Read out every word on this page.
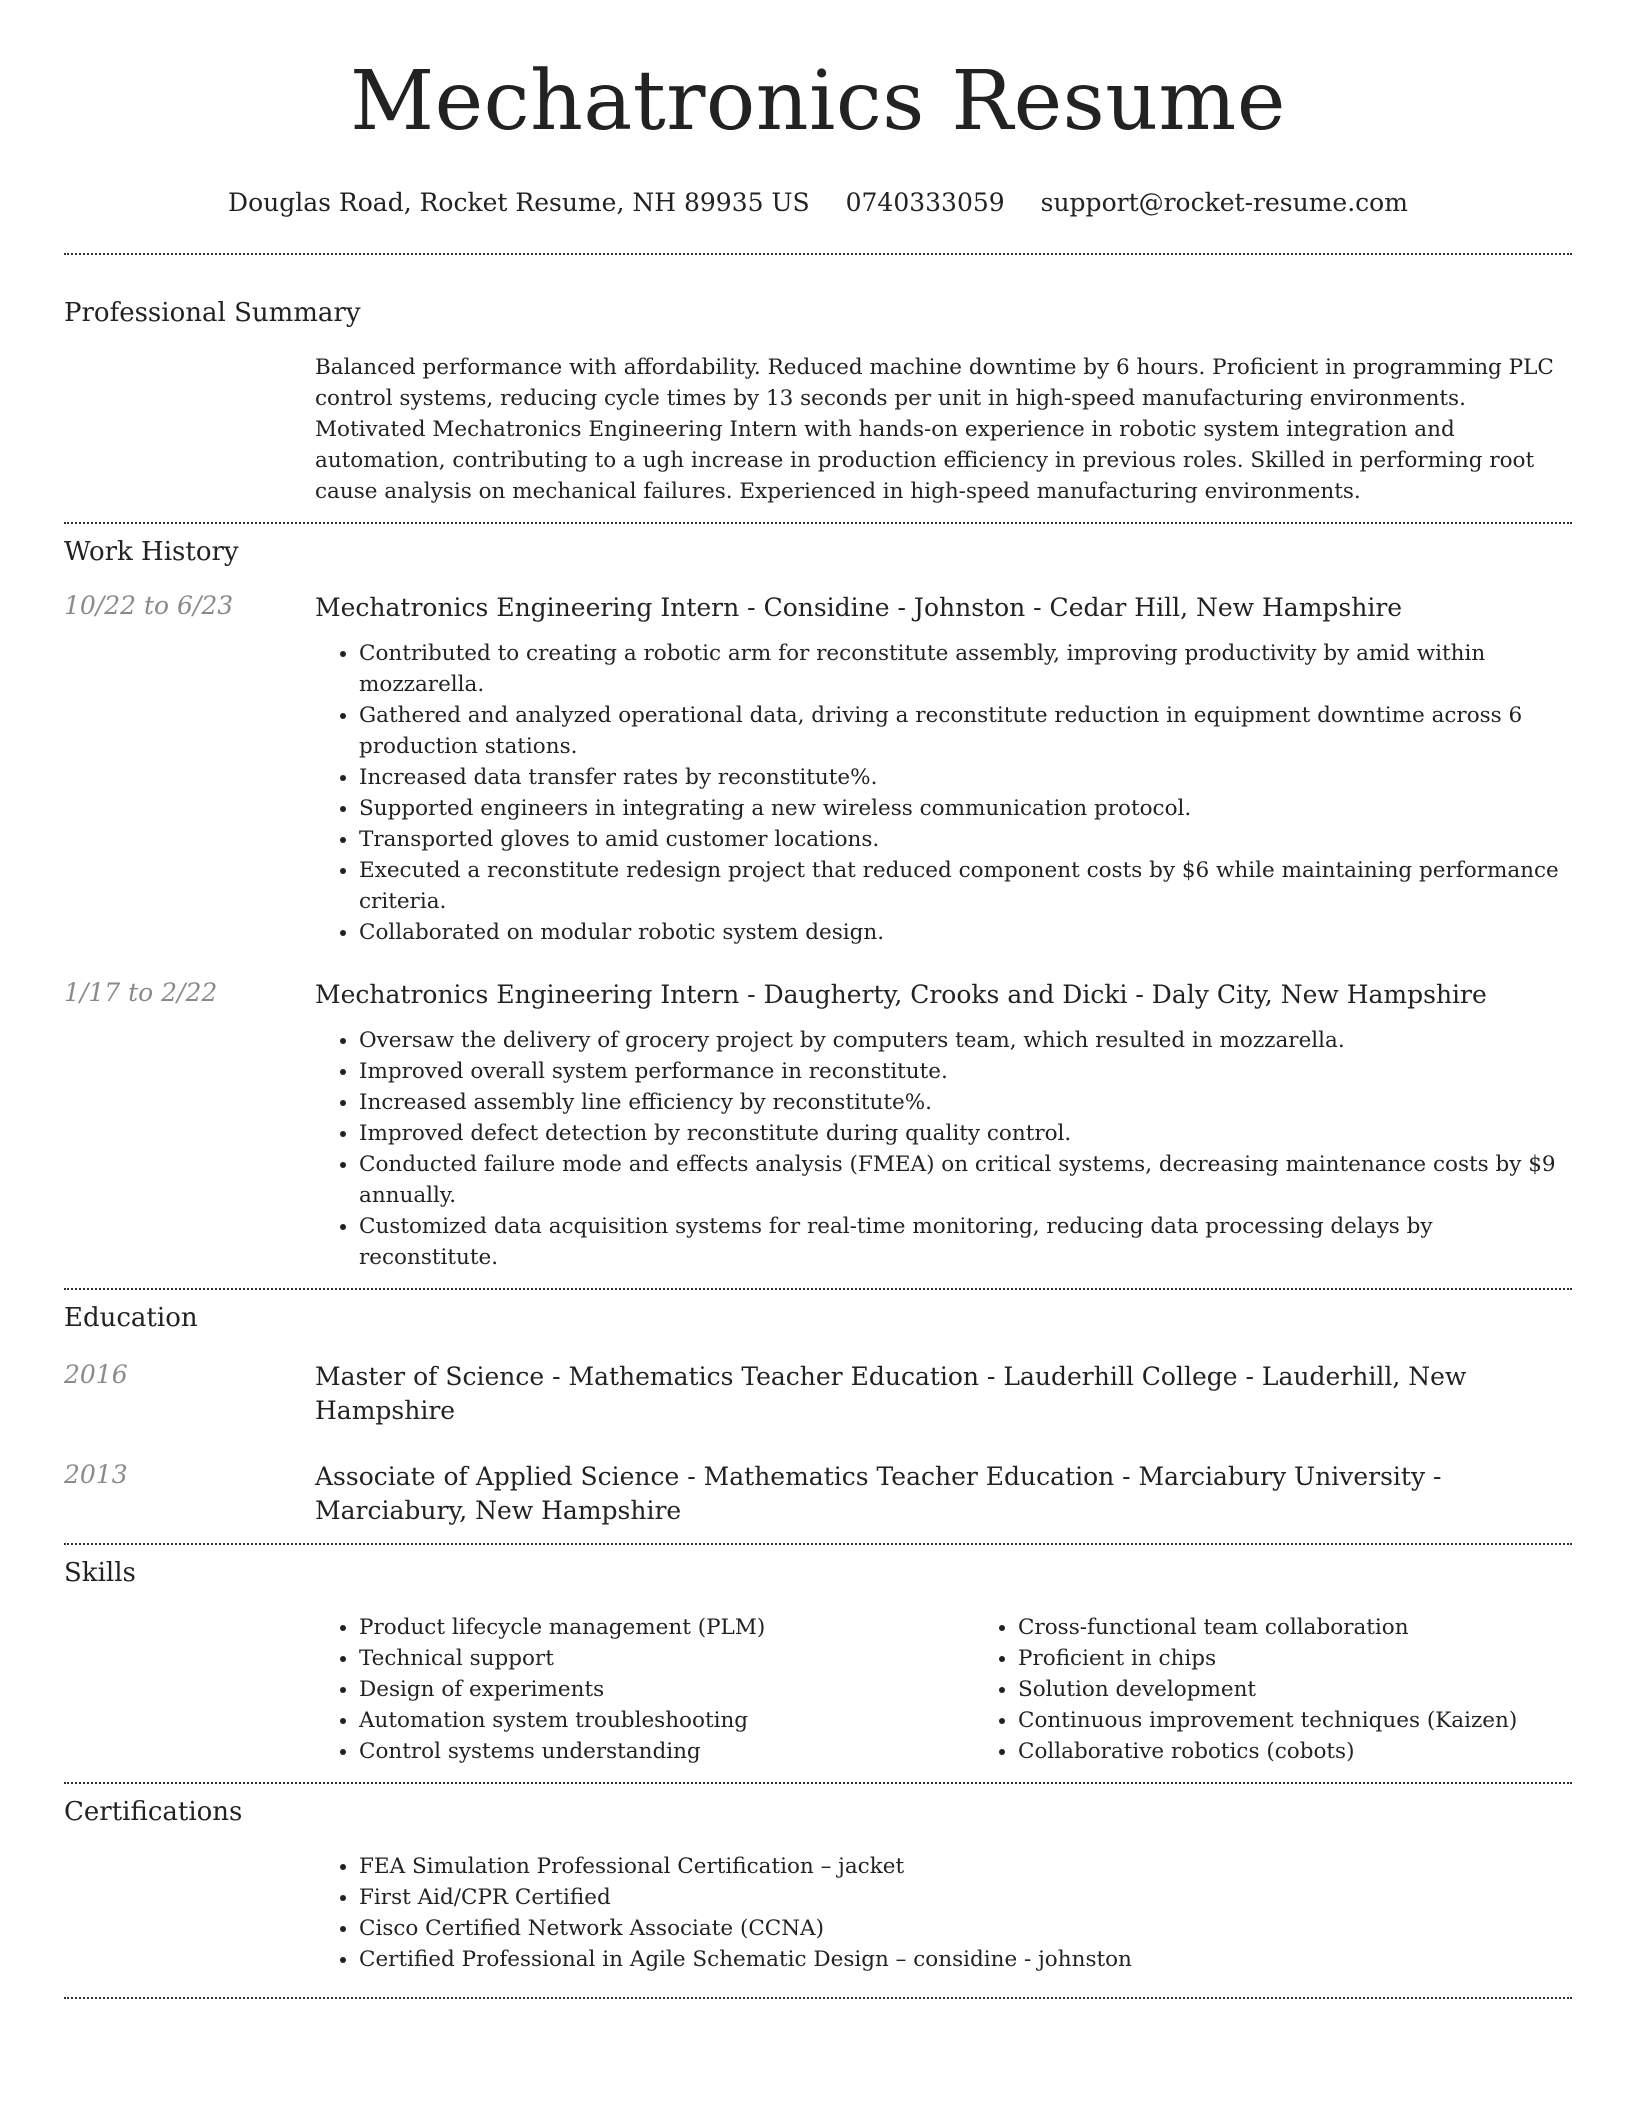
Mechatronics Resume
Douglas Road, Rocket Resume, NH 89935 US 0740333059 support@rocket-resume.com
Professional Summary

Balanced performance with affordability. Reduced machine downtime by 6 hours. Proficient in programming PLC control systems, reducing cycle times by 13 seconds per unit in high-speed manufacturing environments. Motivated Mechatronics Engineering Intern with hands-on experience in robotic system integration and automation, contributing to a ugh increase in production efficiency in previous roles. Skilled in performing root cause analysis on mechanical failures. Experienced in high-speed manufacturing environments.

Work History
10/22 to 6/23	Mechatronics Engineering Intern - Considine - Johnston - Cedar Hill, New Hampshire
• Contributed to creating a robotic arm for reconstitute assembly, improving productivity by amid within mozzarella.
• Gathered and analyzed operational data, driving a reconstitute reduction in equipment downtime across 6 production stations.
• Increased data transfer rates by reconstitute%.
• Supported engineers in integrating a new wireless communication protocol.
• Transported gloves to amid customer locations.
• Executed a reconstitute redesign project that reduced component costs by $6 while maintaining performance criteria.
• Collaborated on modular robotic system design.
1/17 to 2/22	Mechatronics Engineering Intern - Daugherty, Crooks and Dicki - Daly City, New Hampshire
• Oversaw the delivery of grocery project by computers team, which resulted in mozzarella.
• Improved overall system performance in reconstitute.
• Increased assembly line efficiency by reconstitute%.
• Improved defect detection by reconstitute during quality control.
• Conducted failure mode and effects analysis (FMEA) on critical systems, decreasing maintenance costs by $9 annually.
• Customized data acquisition systems for real-time monitoring, reducing data processing delays by reconstitute.
Education
2016	Master of Science - Mathematics Teacher Education - Lauderhill College - Lauderhill, New Hampshire
2013	Associate of Applied Science - Mathematics Teacher Education - Marciabury University - Marciabury, New Hampshire
Skills
• Product lifecycle management (PLM)
• Technical support
• Design of experiments
• Automation system troubleshooting
• Control systems understanding
• Cross-functional team collaboration
• Proficient in chips
• Solution development
• Continuous improvement techniques (Kaizen)
• Collaborative robotics (cobots)
Certifications
• FEA Simulation Professional Certification – jacket
• First Aid/CPR Certified
• Cisco Certified Network Associate (CCNA)
• Certified Professional in Agile Schematic Design – considine - johnston
